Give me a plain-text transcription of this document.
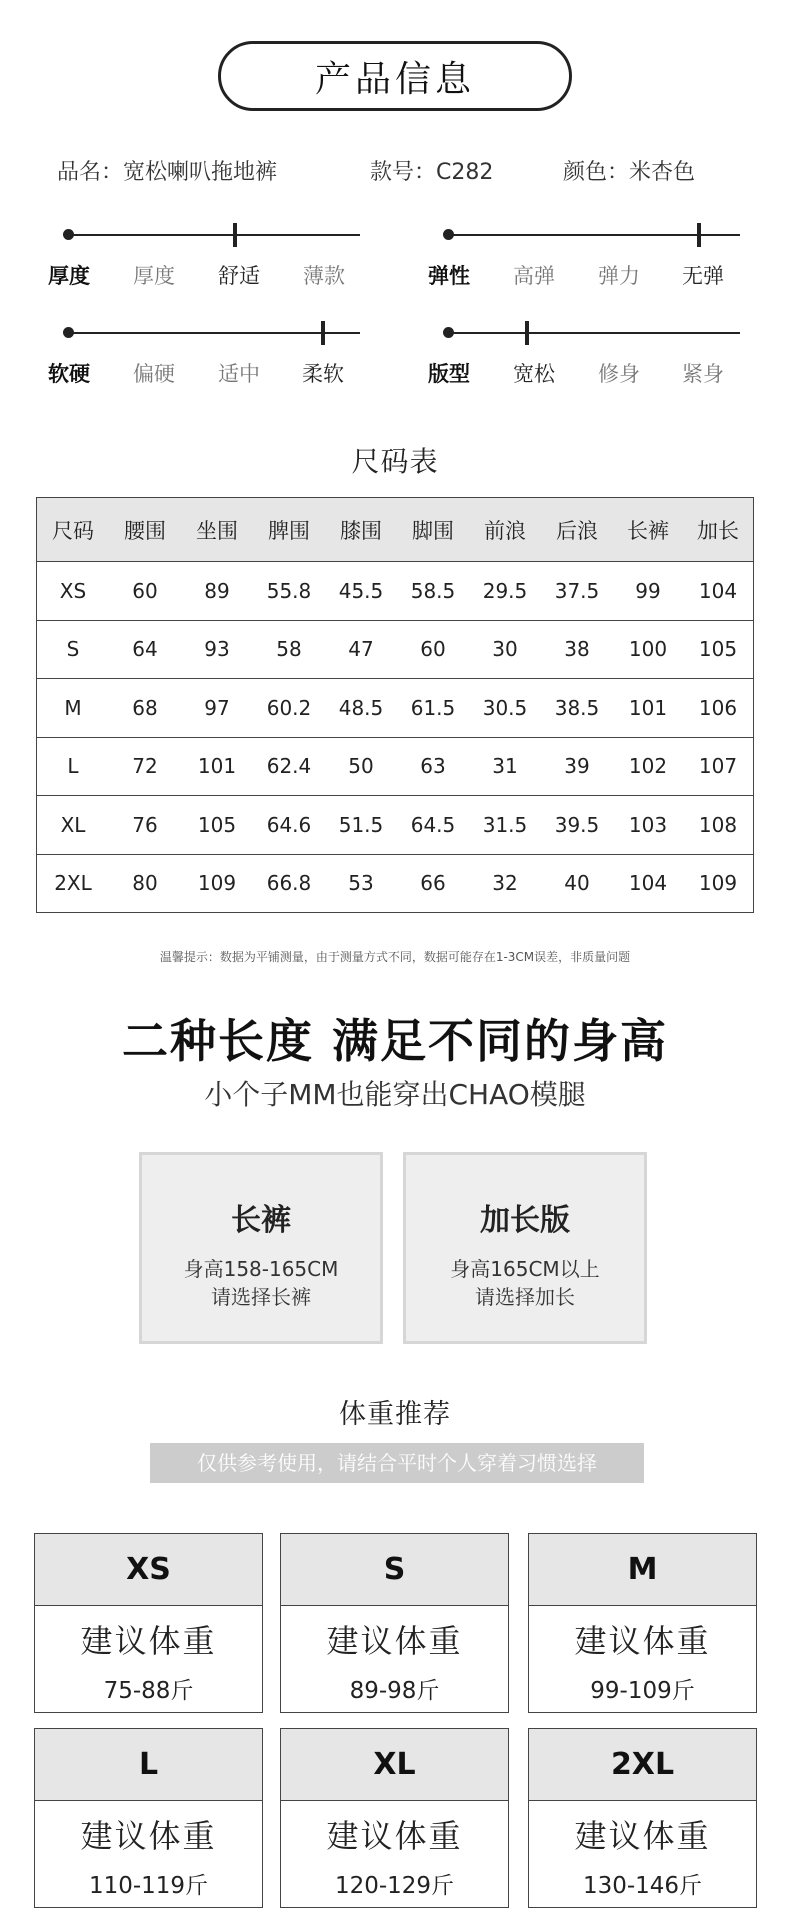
产品信息
品名：宽松喇叭拖地裤	款号：C282	颜色：米杏色
厚度 厚度 舒适 薄款	弹性 高弹 弹力 无弹
软硬 偏硬 适中 柔软	版型 宽松 修身 紧身
尺码表
尺码	腰围	坐围	脾围	膝围	脚围	前浪	后浪	长裤	加长
XS	60	89	55.8	45.5	58.5	29.5	37.5	99	104
S	64	93	58	47	60	30	38	100	105
M	68	97	60.2	48.5	61.5	30.5	38.5	101	106
L	72	101	62.4	50	63	31	39	102	107
XL	76	105	64.6	51.5	64.5	31.5	39.5	103	108
2XL	80	109	66.8	53	66	32	40	104	109
温馨提示：数据为平铺测量，由于测量方式不同，数据可能存在1-3CM误差，非质量问题
二种长度 满足不同的身高
小个子MM也能穿出CHAO模腿
长裤
身高158-165CM
请选择长裤
加长版
身高165CM以上
请选择加长
体重推荐
仅供参考使用，请结合平时个人穿着习惯选择
XS
建议体重
75-88斤
S
建议体重
89-98斤
M
建议体重
99-109斤
L
建议体重
110-119斤
XL
建议体重
120-129斤
2XL
建议体重
130-146斤
